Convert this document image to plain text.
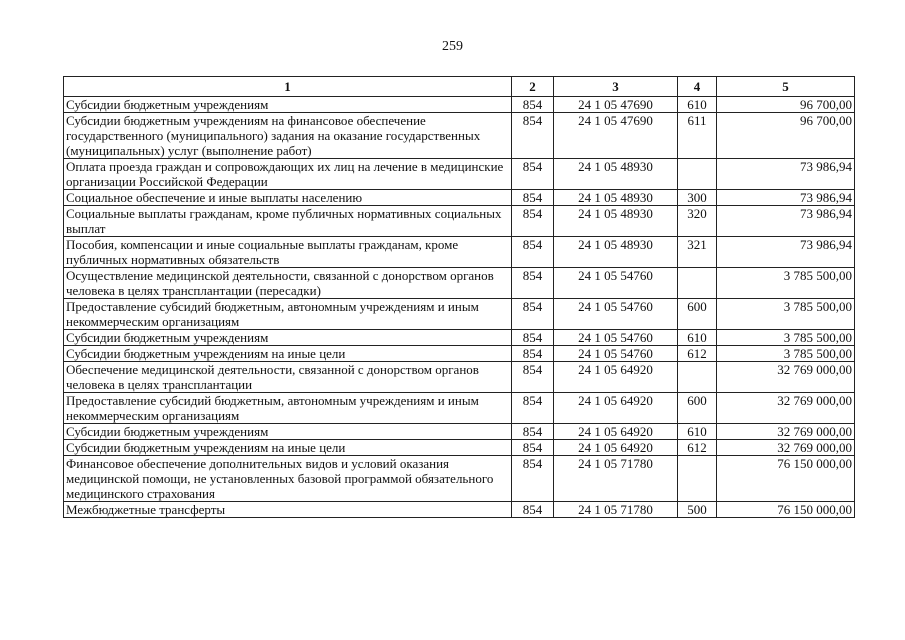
259
1	2	3	4	5
Субсидии бюджетным учреждениям	854	24 1 05 47690	610	96 700,00
Субсидии бюджетным учреждениям на финансовое обеспечение государственного (муниципального) задания на оказание государственных (муниципальных) услуг (выполнение работ)	854	24 1 05 47690	611	96 700,00
Оплата проезда граждан и сопровождающих их лиц на лечение в медицинские организации Российской Федерации	854	24 1 05 48930		73 986,94
Социальное обеспечение и иные выплаты населению	854	24 1 05 48930	300	73 986,94
Социальные выплаты гражданам, кроме публичных нормативных социальных выплат	854	24 1 05 48930	320	73 986,94
Пособия, компенсации и иные социальные выплаты гражданам, кроме публичных нормативных обязательств	854	24 1 05 48930	321	73 986,94
Осуществление медицинской деятельности, связанной с донорством органов человека в целях трансплантации (пересадки)	854	24 1 05 54760		3 785 500,00
Предоставление субсидий бюджетным, автономным учреждениям и иным некоммерческим организациям	854	24 1 05 54760	600	3 785 500,00
Субсидии бюджетным учреждениям	854	24 1 05 54760	610	3 785 500,00
Субсидии бюджетным учреждениям на иные цели	854	24 1 05 54760	612	3 785 500,00
Обеспечение медицинской деятельности, связанной с донорством органов человека в целях трансплантации	854	24 1 05 64920		32 769 000,00
Предоставление субсидий бюджетным, автономным учреждениям и иным некоммерческим организациям	854	24 1 05 64920	600	32 769 000,00
Субсидии бюджетным учреждениям	854	24 1 05 64920	610	32 769 000,00
Субсидии бюджетным учреждениям на иные цели	854	24 1 05 64920	612	32 769 000,00
Финансовое обеспечение дополнительных видов и условий оказания медицинской помощи, не установленных базовой программой обязательного медицинского страхования	854	24 1 05 71780		76 150 000,00
Межбюджетные трансферты	854	24 1 05 71780	500	76 150 000,00
